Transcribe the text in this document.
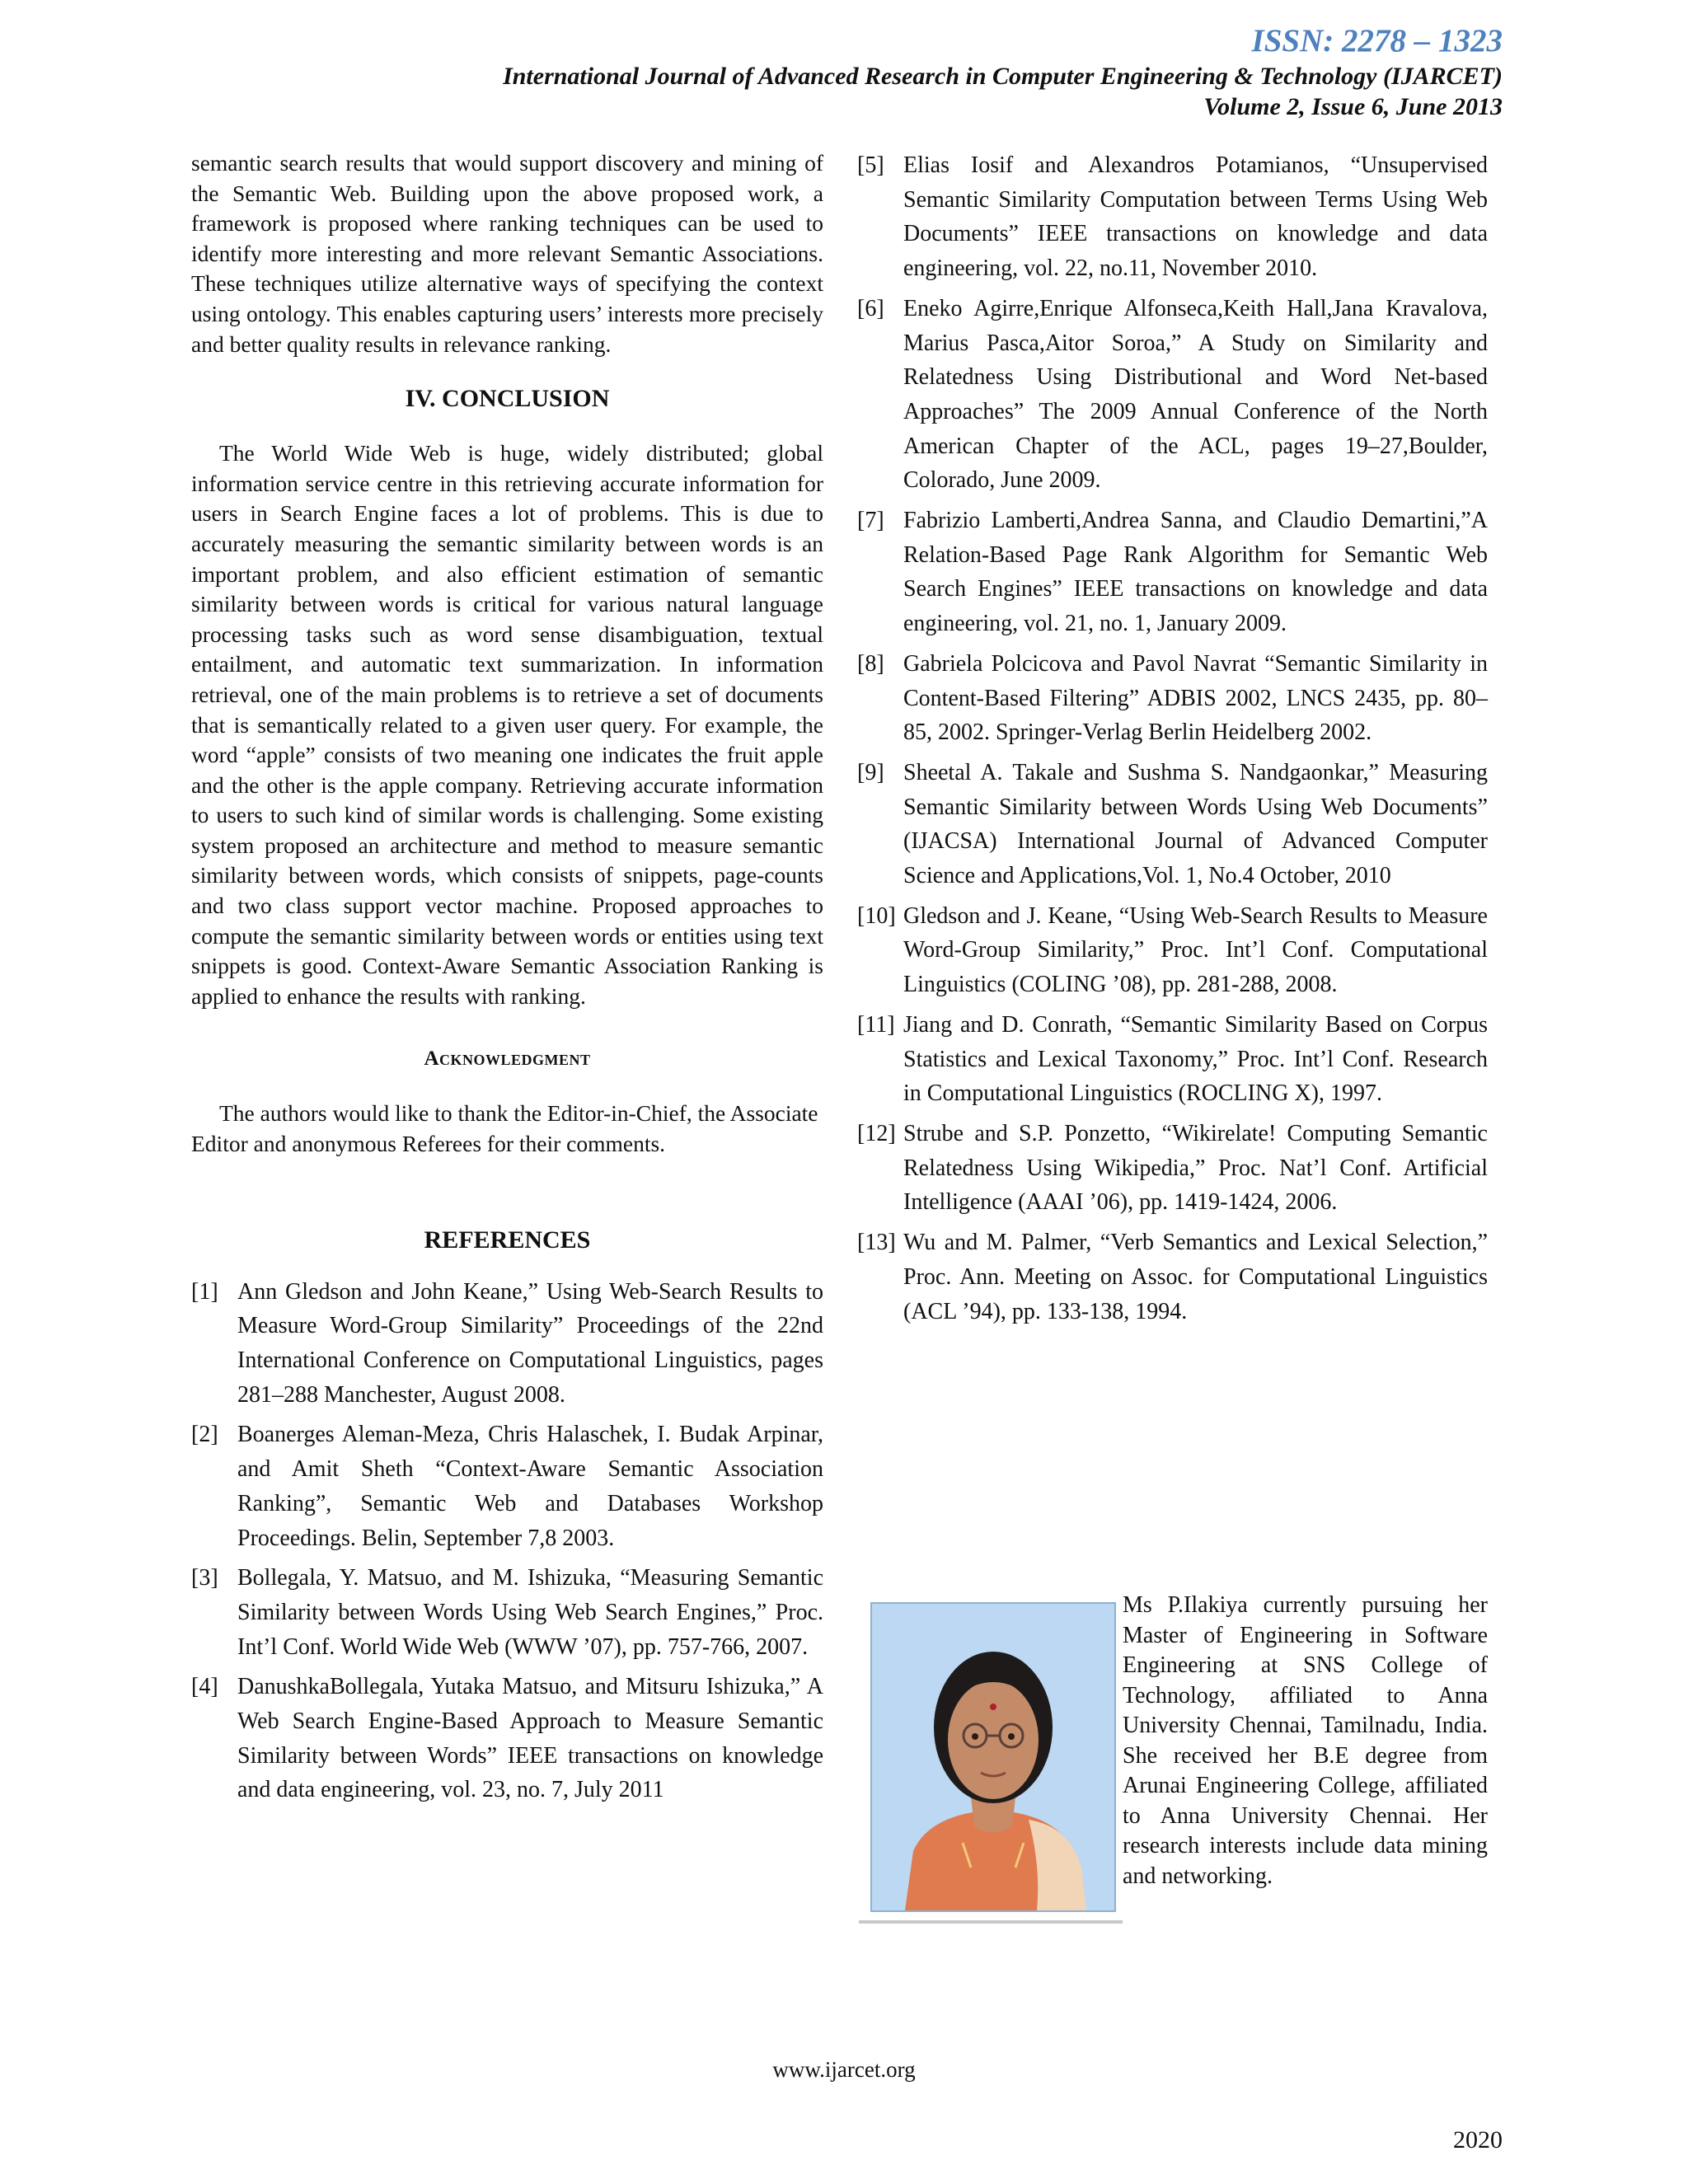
ISSN: 2278 – 1323
International Journal of Advanced Research in Computer Engineering & Technology (IJARCET)
Volume 2, Issue 6, June 2013

semantic search results that would support discovery and mining of the Semantic Web. Building upon the above proposed work, a framework is proposed where ranking techniques can be used to identify more interesting and more relevant Semantic Associations. These techniques utilize alternative ways of specifying the context using ontology. This enables capturing users’ interests more precisely and better quality results in relevance ranking.

IV. CONCLUSION

The World Wide Web is huge, widely distributed; global information service centre in this retrieving accurate information for users in Search Engine faces a lot of problems. This is due to accurately measuring the semantic similarity between words is an important problem, and also efficient estimation of semantic similarity between words is critical for various natural language processing tasks such as word sense disambiguation, textual entailment, and automatic text summarization. In information retrieval, one of the main problems is to retrieve a set of documents that is semantically related to a given user query. For example, the word “apple” consists of two meaning one indicates the fruit apple and the other is the apple company. Retrieving accurate information to users to such kind of similar words is challenging. Some existing system proposed an architecture and method to measure semantic similarity between words, which consists of snippets, page-counts and two class support vector machine. Proposed approaches to compute the semantic similarity between words or entities using text snippets is good. Context-Aware Semantic Association Ranking is applied to enhance the results with ranking.

Acknowledgment

The authors would like to thank the Editor-in-Chief, the Associate Editor and anonymous Referees for their comments.

REFERENCES

[1] Ann Gledson and John Keane,” Using Web-Search Results to Measure Word-Group Similarity” Proceedings of the 22nd International Conference on Computational Linguistics, pages 281–288 Manchester, August 2008.
[2] Boanerges Aleman-Meza, Chris Halaschek, I. Budak Arpinar, and Amit Sheth “Context-Aware Semantic Association Ranking”, Semantic Web and Databases Workshop Proceedings. Belin, September 7,8 2003.
[3] Bollegala, Y. Matsuo, and M. Ishizuka, “Measuring Semantic Similarity between Words Using Web Search Engines,” Proc. Int’l Conf. World Wide Web (WWW ’07), pp. 757-766, 2007.
[4] DanushkaBollegala, Yutaka Matsuo, and Mitsuru Ishizuka,” A Web Search Engine-Based Approach to Measure Semantic Similarity between Words” IEEE transactions on knowledge and data engineering, vol. 23, no. 7, July 2011
[5] Elias Iosif and Alexandros Potamianos, “Unsupervised Semantic Similarity Computation between Terms Using Web Documents” IEEE transactions on knowledge and data engineering, vol. 22, no.11, November 2010.
[6] Eneko Agirre,Enrique Alfonseca,Keith Hall,Jana Kravalova, Marius Pasca,Aitor Soroa,” A Study on Similarity and Relatedness Using Distributional and Word Net-based Approaches” The 2009 Annual Conference of the North American Chapter of the ACL, pages 19–27,Boulder, Colorado, June 2009.
[7] Fabrizio Lamberti,Andrea Sanna, and Claudio Demartini,”A Relation-Based Page Rank Algorithm for Semantic Web Search Engines” IEEE transactions on knowledge and data engineering, vol. 21, no. 1, January 2009.
[8] Gabriela Polcicova and Pavol Navrat “Semantic Similarity in Content-Based Filtering” ADBIS 2002, LNCS 2435, pp. 80–85, 2002. Springer-Verlag Berlin Heidelberg 2002.
[9] Sheetal A. Takale and Sushma S. Nandgaonkar,” Measuring Semantic Similarity between Words Using Web Documents” (IJACSA) International Journal of Advanced Computer Science and Applications,Vol. 1, No.4 October, 2010
[10] Gledson and J. Keane, “Using Web-Search Results to Measure Word-Group Similarity,” Proc. Int’l Conf. Computational Linguistics (COLING ’08), pp. 281-288, 2008.
[11] Jiang and D. Conrath, “Semantic Similarity Based on Corpus Statistics and Lexical Taxonomy,” Proc. Int’l Conf. Research in Computational Linguistics (ROCLING X), 1997.
[12] Strube and S.P. Ponzetto, “Wikirelate! Computing Semantic Relatedness Using Wikipedia,” Proc. Nat’l Conf. Artificial Intelligence (AAAI ’06), pp. 1419-1424, 2006.
[13] Wu and M. Palmer, “Verb Semantics and Lexical Selection,” Proc. Ann. Meeting on Assoc. for Computational Linguistics (ACL ’94), pp. 133-138, 1994.

Ms P.Ilakiya currently pursuing her Master of Engineering in Software Engineering at SNS College of Technology, affiliated to Anna University Chennai, Tamilnadu, India. She received her B.E degree from Arunai Engineering College, affiliated to Anna University Chennai. Her research interests include data mining and networking.

www.ijarcet.org
2020
